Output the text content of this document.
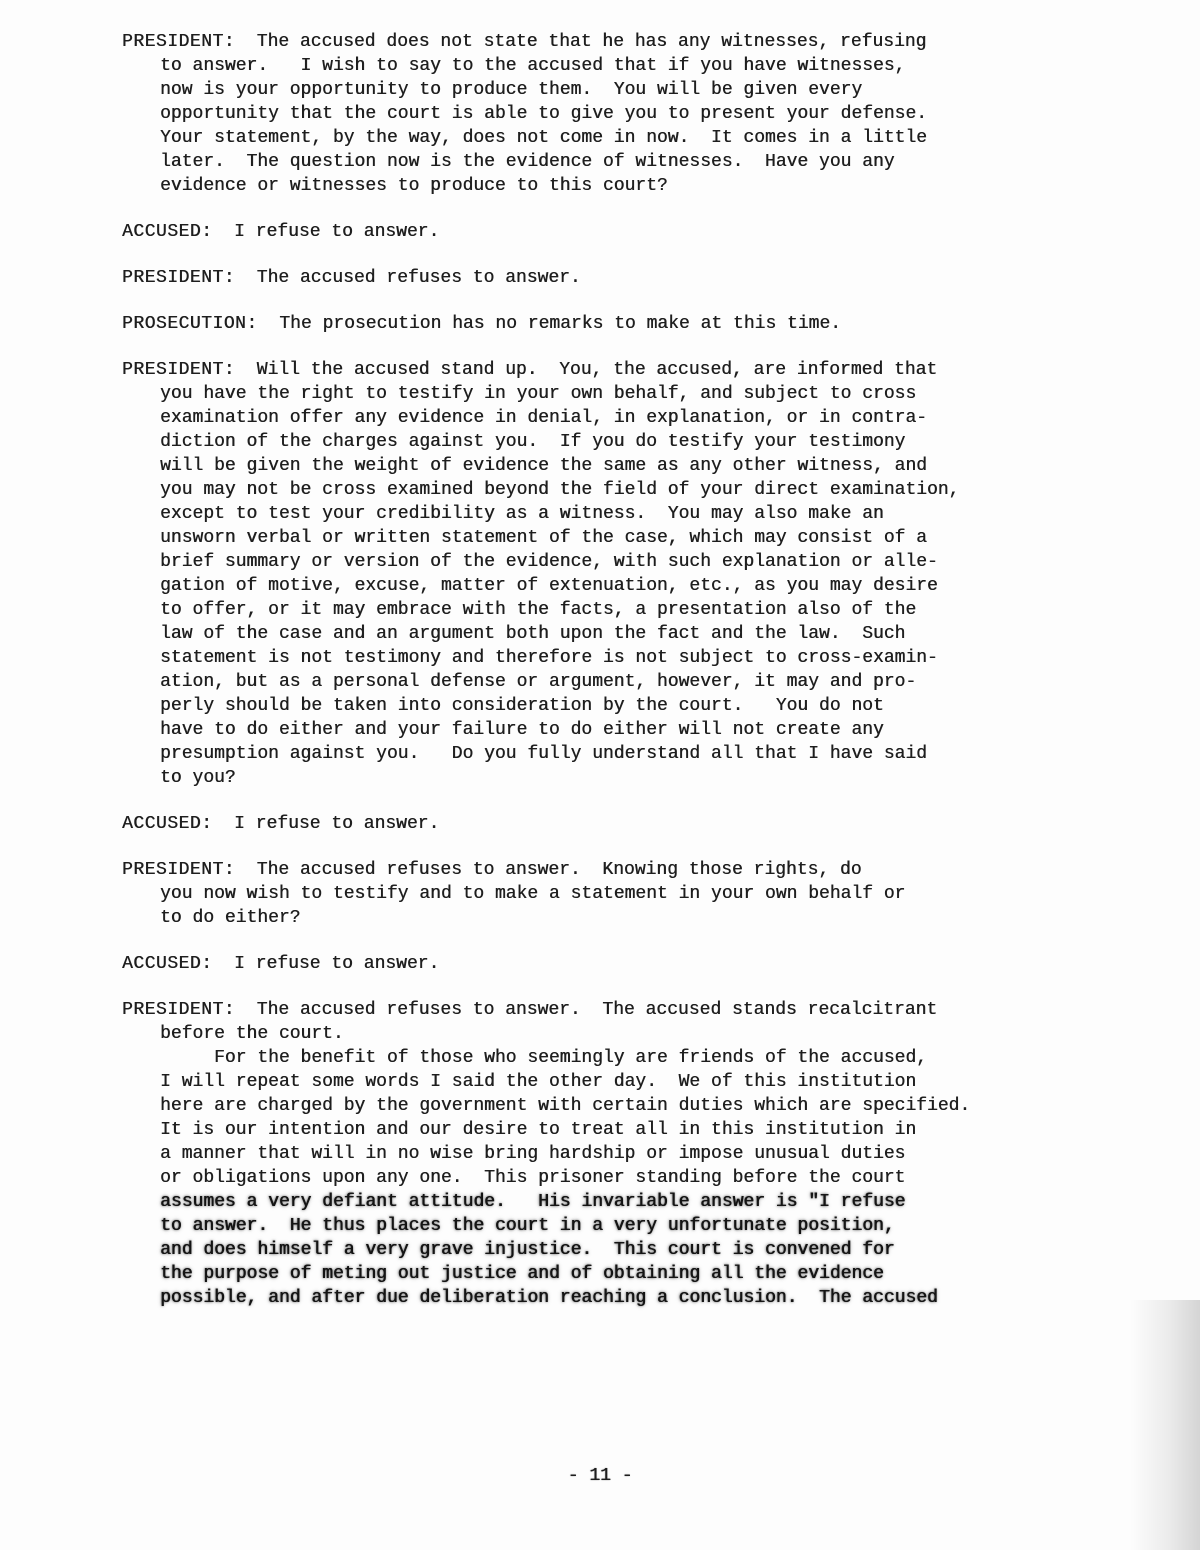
PRESIDENT: The accused does not state that he has any witnesses, refusing
to answer.   I wish to say to the accused that if you have witnesses,
now is your opportunity to produce them.  You will be given every
opportunity that the court is able to give you to present your defense.
Your statement, by the way, does not come in now.  It comes in a little
later.  The question now is the evidence of witnesses.  Have you any
evidence or witnesses to produce to this court?
ACCUSED: I refuse to answer.
PRESIDENT: The accused refuses to answer.
PROSECUTION: The prosecution has no remarks to make at this time.
PRESIDENT: Will the accused stand up.  You, the accused, are informed that
you have the right to testify in your own behalf, and subject to cross
examination offer any evidence in denial, in explanation, or in contra-
diction of the charges against you.  If you do testify your testimony
will be given the weight of evidence the same as any other witness, and
you may not be cross examined beyond the field of your direct examination,
except to test your credibility as a witness.  You may also make an
unsworn verbal or written statement of the case, which may consist of a
brief summary or version of the evidence, with such explanation or alle-
gation of motive, excuse, matter of extenuation, etc., as you may desire
to offer, or it may embrace with the facts, a presentation also of the
law of the case and an argument both upon the fact and the law.  Such
statement is not testimony and therefore is not subject to cross-examin-
ation, but as a personal defense or argument, however, it may and pro-
perly should be taken into consideration by the court.   You do not
have to do either and your failure to do either will not create any
presumption against you.   Do you fully understand all that I have said
to you?
ACCUSED: I refuse to answer.
PRESIDENT: The accused refuses to answer.  Knowing those rights, do
you now wish to testify and to make a statement in your own behalf or
to do either?
ACCUSED: I refuse to answer.
PRESIDENT: The accused refuses to answer.  The accused stands recalcitrant
before the court.
For the benefit of those who seemingly are friends of the accused,
I will repeat some words I said the other day.  We of this institution
here are charged by the government with certain duties which are specified.
It is our intention and our desire to treat all in this institution in
a manner that will in no wise bring hardship or impose unusual duties
or obligations upon any one.  This prisoner standing before the court
assumes a very defiant attitude.   His invariable answer is "I refuse
to answer.  He thus places the court in a very unfortunate position,
and does himself a very grave injustice.  This court is convened for
the purpose of meting out justice and of obtaining all the evidence
possible, and after due deliberation reaching a conclusion.  The accused
- 11 -
